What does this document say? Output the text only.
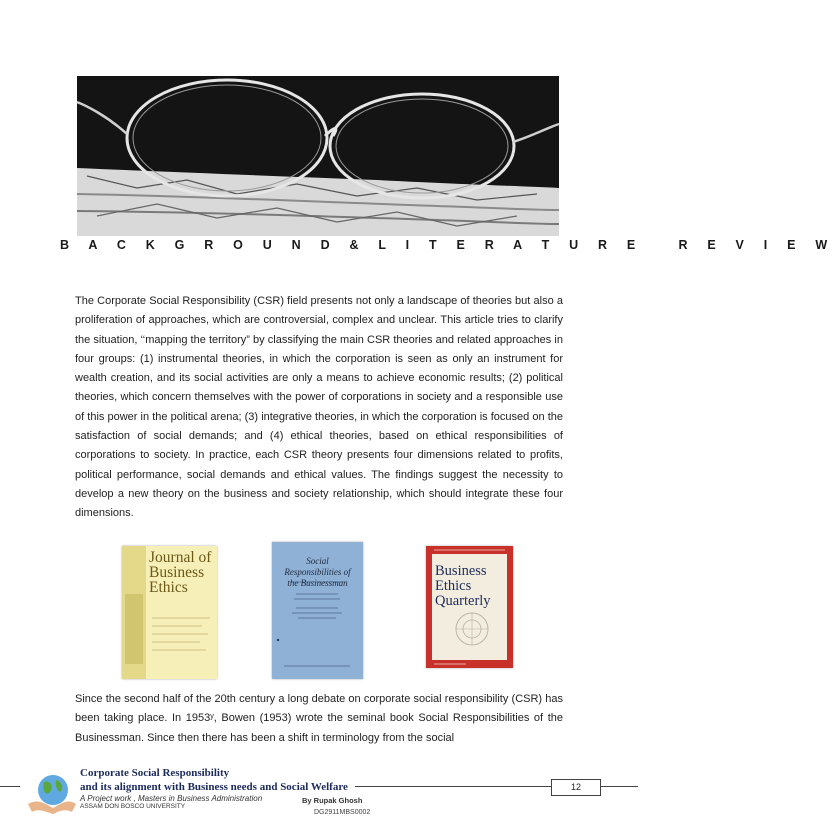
B A C K G R O U N D & L I T E R A T U R E   R E V I E W

The Corporate Social Responsibility (CSR) field presents not only a landscape of theories but also a proliferation of approaches, which are controversial, complex and unclear. This article tries to clarify the situation, ‘‘mapping the territory” by classifying the main CSR theories and related approaches in four groups: (1) instrumental theories, in which the corporation is seen as only an instrument for wealth creation, and its social activities are only a means to achieve economic results; (2) political theories, which concern themselves with the power of corporations in society and a responsible use of this power in the political arena; (3) integrative theories, in which the corporation is focused on the satisfaction of social demands; and (4) ethical theories, based on ethical responsibilities of corporations to society. In practice, each CSR theory presents four dimensions related to profits, political performance, social demands and ethical values. The findings suggest the necessity to develop a new theory on the business and society relationship, which should integrate these four dimensions.

Journal of
Business
Ethics
Social Responsibilities of the Businessman
Business
Ethics
Quarterly

Since the second half of the 20th century a long debate on corporate social responsibility (CSR) has been taking place. In 1953ʸ, Bowen (1953) wrote the seminal book Social Responsibilities of the Businessman. Since then there has been a shift in terminology from the social

Corporate Social Responsibility
and its alignment with Business needs and Social Welfare
A Project work , Masters in Business Administration
ASSAM DON BOSCO UNIVERSITY
By Rupak Ghosh
DG2911MBS0002
12
